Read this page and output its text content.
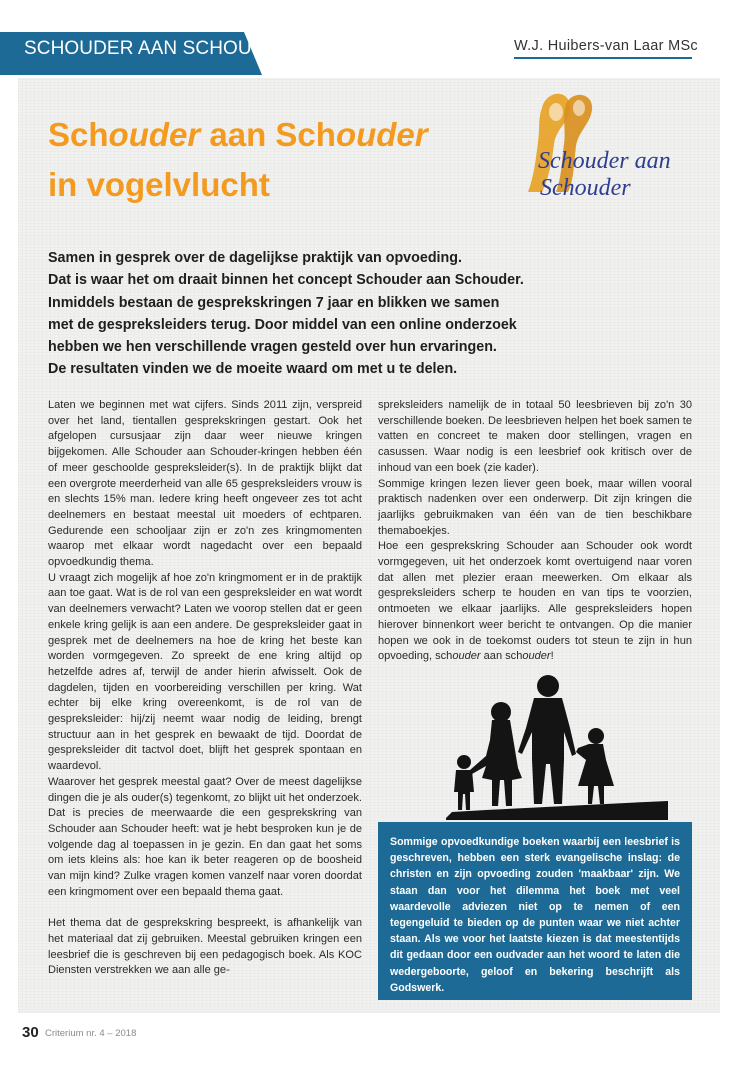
SCHOUDER AAN SCHOUDER	W.J. Huibers-van Laar MSc
Schouder aan Schouder
in vogelvlucht
Schouder aan
Schouder

Samen in gesprek over de dagelijkse praktijk van opvoeding.

Dat is waar het om draait binnen het concept Schouder aan Schouder.

Inmiddels bestaan de gesprekskringen 7 jaar en blikken we samen

met de gespreksleiders terug. Door middel van een online onderzoek

hebben we hen verschillende vragen gesteld over hun ervaringen.

De resultaten vinden we de moeite waard om met u te delen.

Laten we beginnen met wat cijfers. Sinds 2011 zijn, verspreid over het land, tientallen gesprekskringen gestart. Ook het afgelopen cursusjaar zijn daar weer nieuwe kringen bijgekomen. Alle Schouder aan Schouder-kringen hebben één of meer geschoolde gespreksleider(s). In de praktijk blijkt dat een overgrote meerderheid van alle 65 gespreksleiders vrouw is en slechts 15% man. Iedere kring heeft ongeveer zes tot acht deelnemers en bestaat meestal uit moeders of echtparen. Gedurende een schooljaar zijn er zo'n zes kringmomenten waarop met elkaar wordt nagedacht over een bepaald opvoedkundig thema.

U vraagt zich mogelijk af hoe zo'n kringmoment er in de praktijk aan toe gaat. Wat is de rol van een gespreksleider en wat wordt van deelnemers verwacht? Laten we voorop stellen dat er geen enkele kring gelijk is aan een andere. De gespreksleider gaat in gesprek met de deelnemers na hoe de kring het beste kan worden vormgegeven. Zo spreekt de ene kring altijd op hetzelfde adres af, terwijl de ander hierin afwisselt. Ook de dagdelen, tijden en voorbereiding verschillen per kring. Wat echter bij elke kring overeenkomt, is de rol van de gespreksleider: hij/zij neemt waar nodig de leiding, brengt structuur aan in het gesprek en bewaakt de tijd. Doordat de gespreksleider dit tactvol doet, blijft het gesprek spontaan en waardevol.

Waarover het gesprek meestal gaat? Over de meest dagelijkse dingen die je als ouder(s) tegenkomt, zo blijkt uit het onderzoek. Dat is precies de meerwaarde die een gesprekskring van Schouder aan Schouder heeft: wat je hebt besproken kun je de volgende dag al toepassen in je gezin. En dan gaat het soms om iets kleins als: hoe kan ik beter reageren op de boosheid van mijn kind? Zulke vragen komen vanzelf naar voren doordat een kringmoment over een bepaald thema gaat.

Het thema dat de gesprekskring bespreekt, is afhankelijk van het materiaal dat zij gebruiken. Meestal gebruiken kringen een leesbrief die is geschreven bij een pedagogisch boek. Als KOC Diensten verstrekken we aan alle ge-

spreksleiders namelijk de in totaal 50 leesbrieven bij zo'n 30 verschillende boeken. De leesbrieven helpen het boek samen te vatten en concreet te maken door stellingen, vragen en casussen. Waar nodig is een leesbrief ook kritisch over de inhoud van een boek (zie kader).

Sommige kringen lezen liever geen boek, maar willen vooral praktisch nadenken over een onderwerp. Dit zijn kringen die jaarlijks gebruikmaken van één van de tien beschikbare themaboekjes.

Hoe een gesprekskring Schouder aan Schouder ook wordt vormgegeven, uit het onderzoek komt overtuigend naar voren dat allen met plezier eraan meewerken. Om elkaar als gespreksleiders scherp te houden en van tips te voorzien, ontmoeten we elkaar jaarlijks. Alle gespreksleiders hopen hierover binnenkort weer bericht te ontvangen. Op die manier hopen we ook in de toekomst ouders tot steun te zijn in hun opvoeding, schouder aan schouder!

Sommige opvoedkundige boeken waarbij een leesbrief is geschreven, hebben een sterk evangelische inslag: de christen en zijn opvoeding zouden 'maakbaar' zijn. We staan dan voor het dilemma het boek met veel waardevolle adviezen niet op te nemen of een tegengeluid te bieden op de punten waar we niet achter staan. Als we voor het laatste kiezen is dat meestentijds dit gedaan door een oudvader aan het woord te laten die wedergeboorte, geloof en bekering beschrijft als Godswerk.

30 Criterium nr. 4 – 2018
